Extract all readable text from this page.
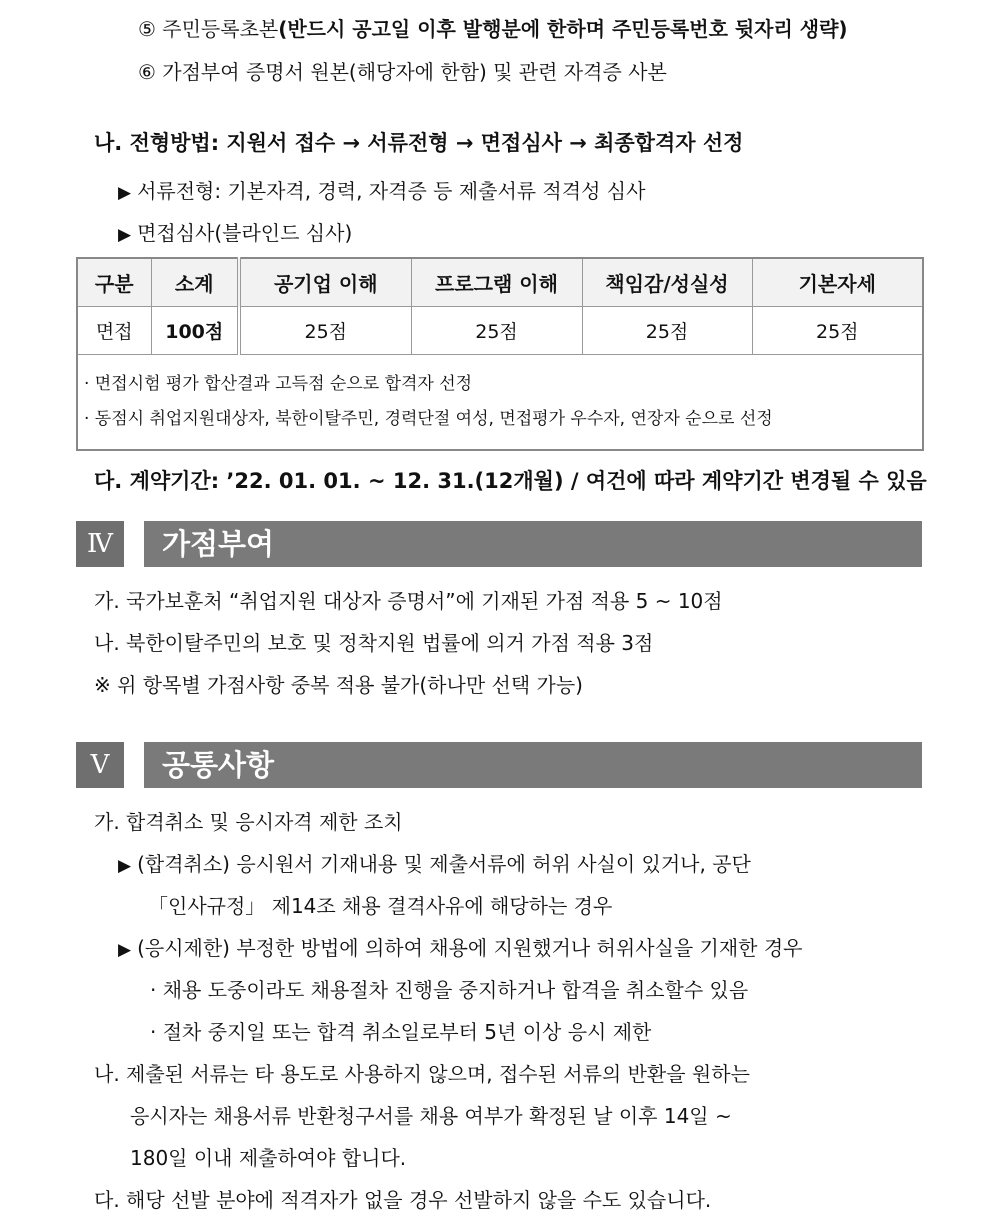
⑤ 주민등록초본(반드시 공고일 이후 발행분에 한하며 주민등록번호 뒷자리 생략)
⑥ 가점부여 증명서 원본(해당자에 한함) 및 관련 자격증 사본
나. 전형방법: 지원서 접수 → 서류전형 → 면접심사 → 최종합격자 선정
▶ 서류전형: 기본자격, 경력, 자격증 등 제출서류 적격성 심사
▶ 면접심사(블라인드 심사)
구분	소계	공기업 이해	프로그램 이해	책임감/성실성	기본자세
면접	100점	25점	25점	25점	25점

· 면접시험 평가 합산결과 고득점 순으로 합격자 선정
· 동점시 취업지원대상자, 북한이탈주민, 경력단절 여성, 면접평가 우수자, 연장자 순으로 선정					
다. 계약기간: ’22. 01. 01. ~ 12. 31.(12개월) / 여건에 따라 계약기간 변경될 수 있음
Ⅳ	가점부여
가. 국가보훈처 “취업지원 대상자 증명서”에 기재된 가점 적용 5 ~ 10점
나. 북한이탈주민의 보호 및 정착지원 법률에 의거 가점 적용 3점
※ 위 항목별 가점사항 중복 적용 불가(하나만 선택 가능)
Ⅴ	공통사항
가. 합격취소 및 응시자격 제한 조치
▶ (합격취소) 응시원서 기재내용 및 제출서류에 허위 사실이 있거나, 공단
「인사규정」 제14조 채용 결격사유에 해당하는 경우
▶ (응시제한) 부정한 방법에 의하여 채용에 지원했거나 허위사실을 기재한 경우
· 채용 도중이라도 채용절차 진행을 중지하거나 합격을 취소할수 있음
· 절차 중지일 또는 합격 취소일로부터 5년 이상 응시 제한
나. 제출된 서류는 타 용도로 사용하지 않으며, 접수된 서류의 반환을 원하는
응시자는 채용서류 반환청구서를 채용 여부가 확정된 날 이후 14일 ~
180일 이내 제출하여야 합니다.
다. 해당 선발 분야에 적격자가 없을 경우 선발하지 않을 수도 있습니다.
